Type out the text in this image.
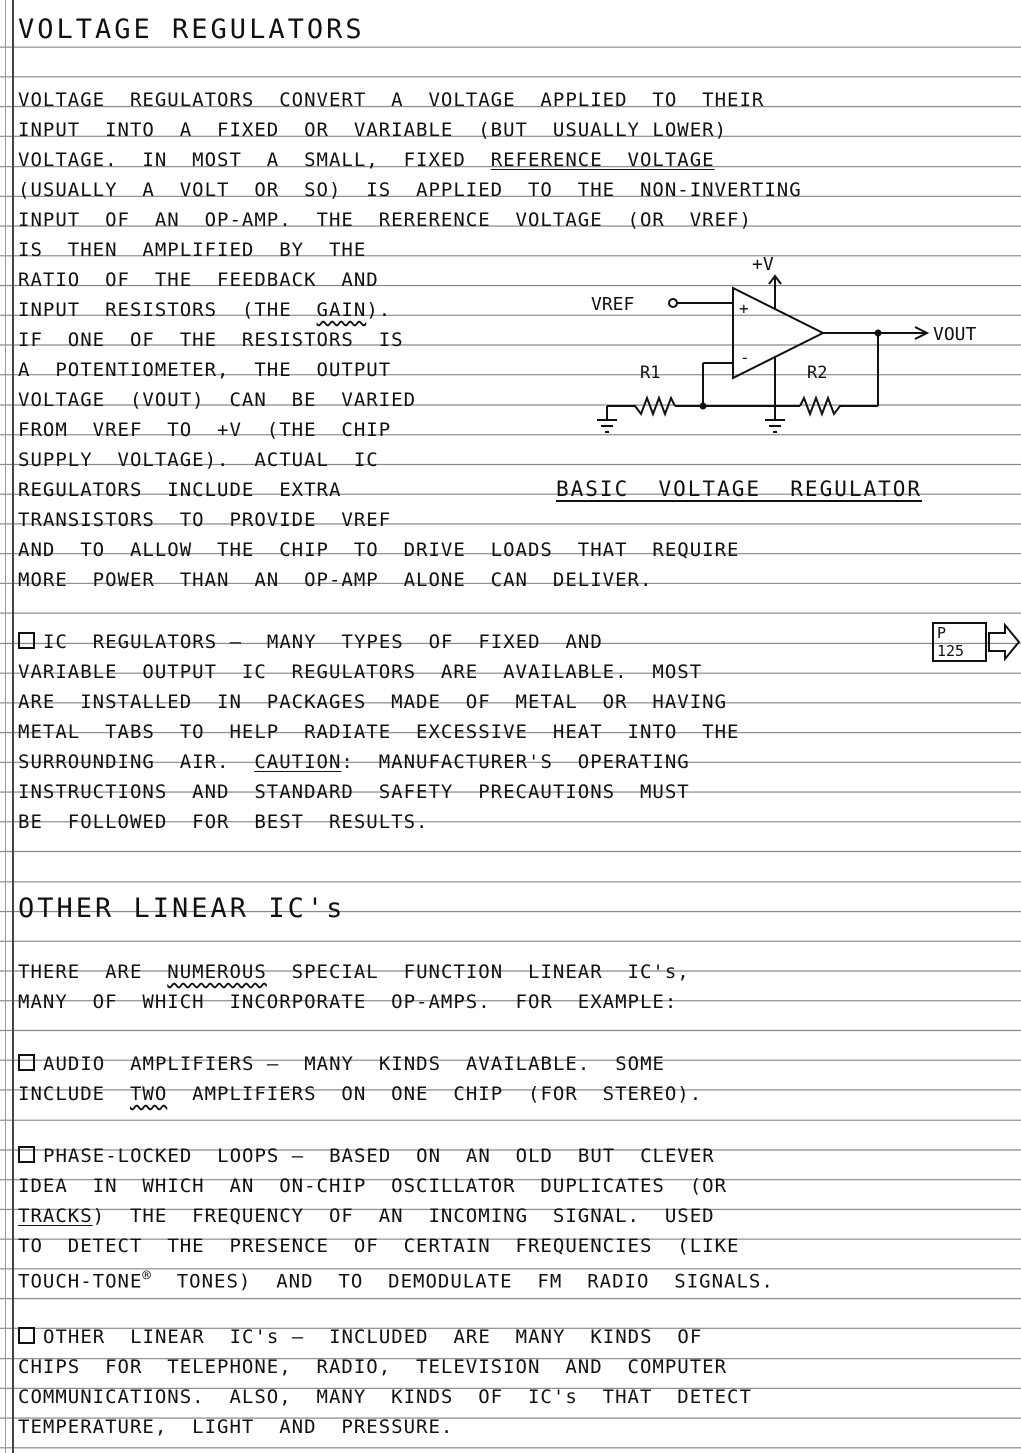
VOLTAGE REGULATORS
VOLTAGE  REGULATORS  CONVERT  A  VOLTAGE  APPLIED  TO  THEIR
INPUT  INTO  A  FIXED  OR  VARIABLE  (BUT  USUALLY LOWER)
VOLTAGE.  IN  MOST  A  SMALL,  FIXED  REFERENCE  VOLTAGE
(USUALLY  A  VOLT  OR  SO)  IS  APPLIED  TO  THE  NON-INVERTING
INPUT  OF  AN  OP-AMP.  THE  RERERENCE  VOLTAGE  (OR  VREF)
IS  THEN  AMPLIFIED  BY  THE
RATIO  OF  THE  FEEDBACK  AND
INPUT  RESISTORS  (THE  GAIN).
IF  ONE  OF  THE  RESISTORS  IS
A  POTENTIOMETER,  THE  OUTPUT
VOLTAGE  (VOUT)  CAN  BE  VARIED
FROM  VREF  TO  +V  (THE  CHIP
SUPPLY  VOLTAGE).  ACTUAL  IC
REGULATORS  INCLUDE  EXTRA
TRANSISTORS  TO  PROVIDE  VREF
AND  TO  ALLOW  THE  CHIP  TO  DRIVE  LOADS  THAT  REQUIRE
MORE  POWER  THAN  AN  OP-AMP  ALONE  CAN  DELIVER.
+V
VREF
VOUT
R1	R2
+
-
BASIC  VOLTAGE  REGULATOR
IC  REGULATORS —  MANY  TYPES  OF  FIXED  AND	P 125
VARIABLE  OUTPUT  IC  REGULATORS  ARE  AVAILABLE.  MOST
ARE  INSTALLED  IN  PACKAGES  MADE  OF  METAL  OR  HAVING
METAL  TABS  TO  HELP  RADIATE  EXCESSIVE  HEAT  INTO  THE
SURROUNDING  AIR.  CAUTION:  MANUFACTURER'S  OPERATING
INSTRUCTIONS  AND  STANDARD  SAFETY  PRECAUTIONS  MUST
BE  FOLLOWED  FOR  BEST  RESULTS.
OTHER LINEAR IC's
THERE  ARE  NUMEROUS  SPECIAL  FUNCTION  LINEAR  IC's,
MANY  OF  WHICH  INCORPORATE  OP-AMPS.  FOR  EXAMPLE:
AUDIO  AMPLIFIERS —  MANY  KINDS  AVAILABLE.  SOME
INCLUDE  TWO  AMPLIFIERS  ON  ONE  CHIP  (FOR  STEREO).
PHASE-LOCKED  LOOPS —  BASED  ON  AN  OLD  BUT  CLEVER
IDEA  IN  WHICH  AN  ON-CHIP  OSCILLATOR  DUPLICATES  (OR
TRACKS)  THE  FREQUENCY  OF  AN  INCOMING  SIGNAL.  USED
TO  DETECT  THE  PRESENCE  OF  CERTAIN  FREQUENCIES  (LIKE
TOUCH-TONE®  TONES)  AND  TO  DEMODULATE  FM  RADIO  SIGNALS.
OTHER  LINEAR  IC's —  INCLUDED  ARE  MANY  KINDS  OF
CHIPS  FOR  TELEPHONE,  RADIO,  TELEVISION  AND  COMPUTER
COMMUNICATIONS.  ALSO,  MANY  KINDS  OF  IC's  THAT  DETECT
TEMPERATURE,  LIGHT  AND  PRESSURE.
